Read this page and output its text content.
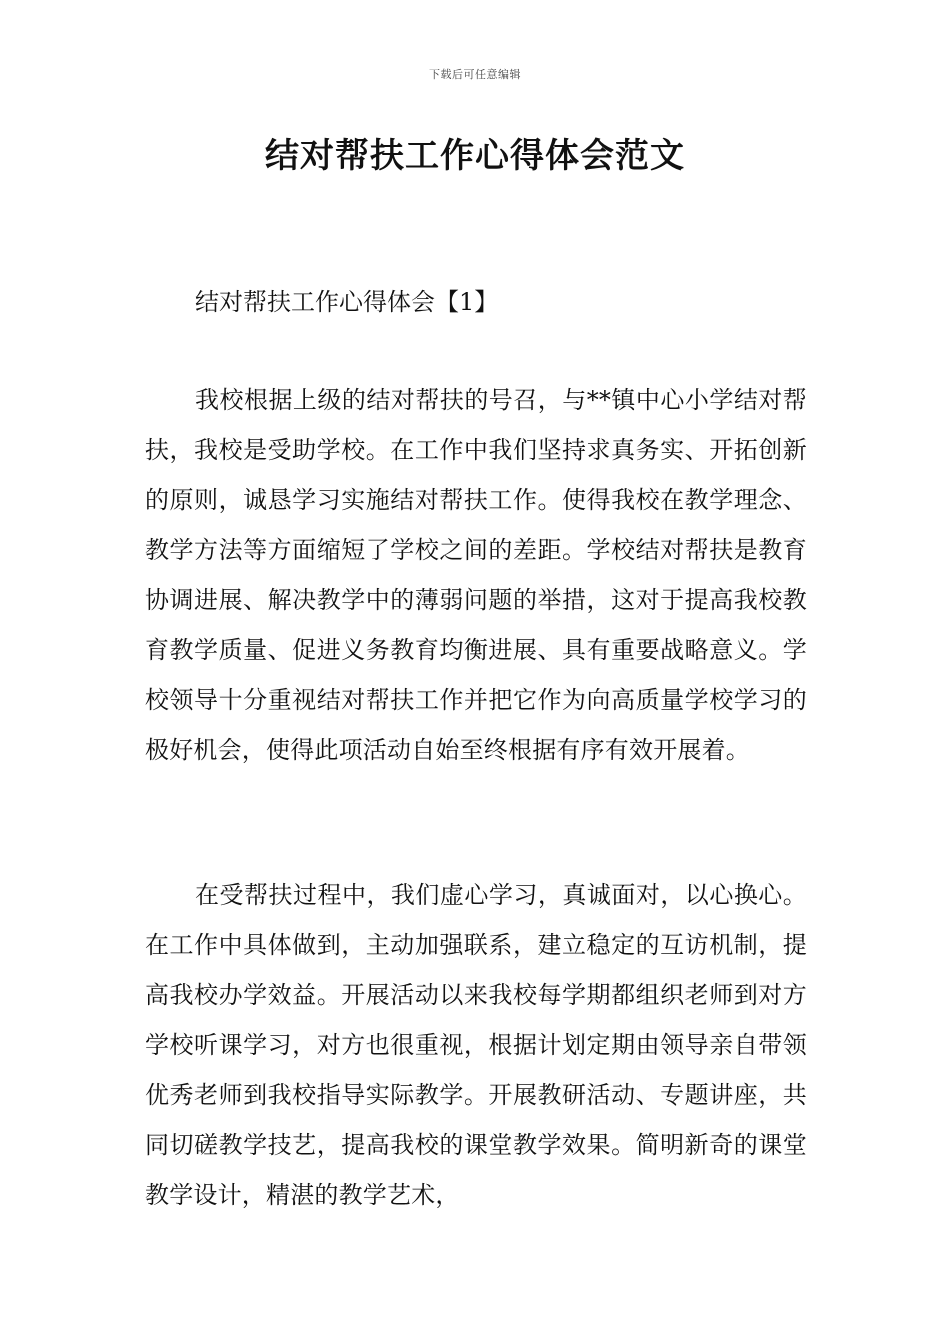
下载后可任意编辑
结对帮扶工作心得体会范文
结对帮扶工作心得体会【1】

我校根据上级的结对帮扶的号召，与**镇中心小学结对帮扶，我校是受助学校。在工作中我们坚持求真务实、开拓创新的原则，诚恳学习实施结对帮扶工作。使得我校在教学理念、教学方法等方面缩短了学校之间的差距。学校结对帮扶是教育协调进展、解决教学中的薄弱问题的举措，这对于提高我校教育教学质量、促进义务教育均衡进展、具有重要战略意义。学校领导十分重视结对帮扶工作并把它作为向高质量学校学习的极好机会，使得此项活动自始至终根据有序有效开展着。

在受帮扶过程中，我们虚心学习，真诚面对，以心换心。在工作中具体做到，主动加强联系，建立稳定的互访机制，提高我校办学效益。开展活动以来我校每学期都组织老师到对方学校听课学习，对方也很重视，根据计划定期由领导亲自带领优秀老师到我校指导实际教学。开展教研活动、专题讲座，共同切磋教学技艺，提高我校的课堂教学效果。简明新奇的课堂教学设计，精湛的教学艺术，
